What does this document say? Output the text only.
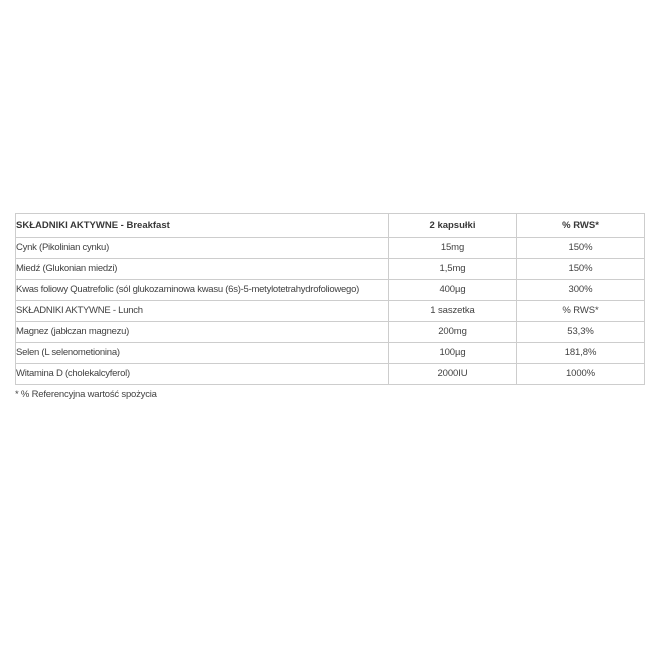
SKŁADNIKI AKTYWNE - Breakfast	2 kapsułki	% RWS*
Cynk (Pikolinian cynku)	15mg	150%
Miedź (Glukonian miedzi)	1,5mg	150%
Kwas foliowy Quatrefolic (sól glukozaminowa kwasu (6s)-5-metylotetrahydrofoliowego)	400µg	300%
SKŁADNIKI AKTYWNE - Lunch	1 saszetka	% RWS*
Magnez (jabłczan magnezu)	200mg	53,3%
Selen (L selenometionina)	100µg	181,8%
Witamina D (cholekalcyferol)	2000IU	1000%

* % Referencyjna wartość spożycia
